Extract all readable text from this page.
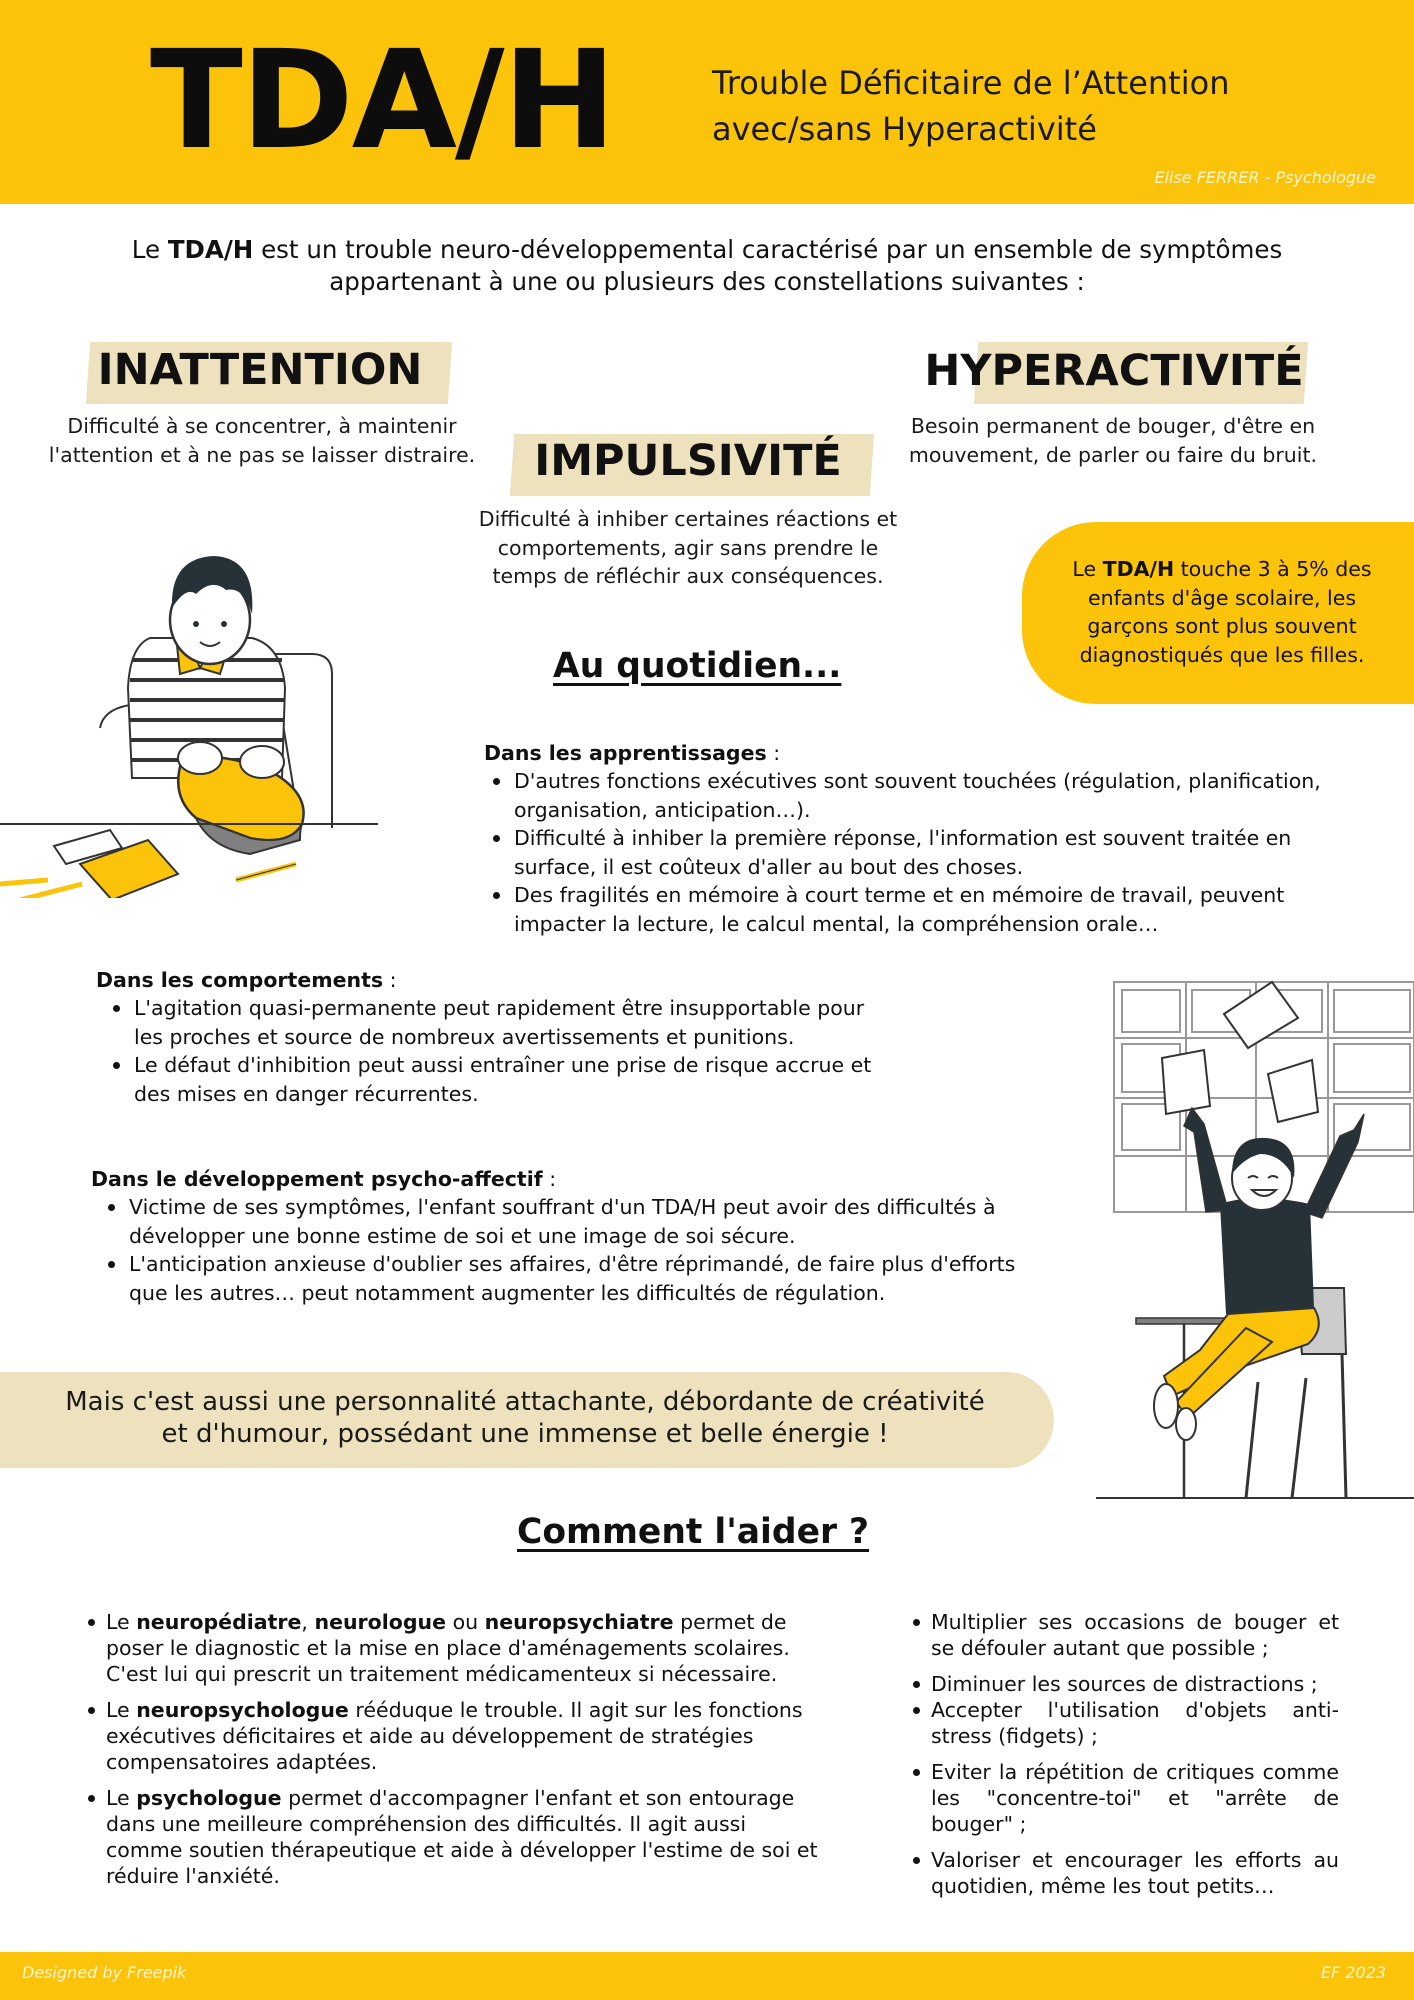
TDA/H	Trouble Déficitaire de l’Attention
avec/sans Hyperactivité
Elise FERRER - Psychologue
Le TDA/H est un trouble neuro-développemental caractérisé par un ensemble de symptômes appartenant à une ou plusieurs des constellations suivantes :
INATTENTION
Difficulté à se concentrer, à maintenir l'attention et à ne pas se laisser distraire.	IMPULSIVITÉ
Difficulté à inhiber certaines réactions et comportements, agir sans prendre le temps de réfléchir aux conséquences.
HYPERACTIVITÉ
Besoin permanent de bouger, d'être en mouvement, de parler ou faire du bruit.
Le TDA/H touche 3 à 5% des enfants d'âge scolaire, les garçons sont plus souvent diagnostiqués que les filles.
Au quotidien...
Dans les apprentissages :
D'autres fonctions exécutives sont souvent touchées (régulation, planification, organisation, anticipation…).
Difficulté à inhiber la première réponse, l'information est souvent traitée en surface, il est coûteux d'aller au bout des choses.
Des fragilités en mémoire à court terme et en mémoire de travail, peuvent impacter la lecture, le calcul mental, la compréhension orale…
Dans les comportements :
L'agitation quasi-permanente peut rapidement être insupportable pour les proches et source de nombreux avertissements et punitions.
Le défaut d'inhibition peut aussi entraîner une prise de risque accrue et des mises en danger récurrentes.
Dans le développement psycho-affectif :
Victime de ses symptômes, l'enfant souffrant d'un TDA/H peut avoir des difficultés à développer une bonne estime de soi et une image de soi sécure.
L'anticipation anxieuse d'oublier ses affaires, d'être réprimandé, de faire plus d'efforts que les autres… peut notamment augmenter les difficultés de régulation.
Mais c'est aussi une personnalité attachante, débordante de créativité et d'humour, possédant une immense et belle énergie !
Comment l'aider ?
Le neuropédiatre, neurologue ou neuropsychiatre permet de poser le diagnostic et la mise en place d'aménagements scolaires. C'est lui qui prescrit un traitement médicamenteux si nécessaire.
Le neuropsychologue rééduque le trouble. Il agit sur les fonctions exécutives déficitaires et aide au développement de stratégies compensatoires adaptées.
Le psychologue permet d'accompagner l'enfant et son entourage dans une meilleure compréhension des difficultés. Il agit aussi comme soutien thérapeutique et aide à développer l'estime de soi et réduire l'anxiété.
Multiplier ses occasions de bouger et se défouler autant que possible ;
Diminuer les sources de distractions ;
Accepter l'utilisation d'objets anti-stress (fidgets) ;
Eviter la répétition de critiques comme les "concentre-toi" et "arrête de bouger" ;
Valoriser et encourager les efforts au quotidien, même les tout petits…
Designed by Freepik	EF 2023
